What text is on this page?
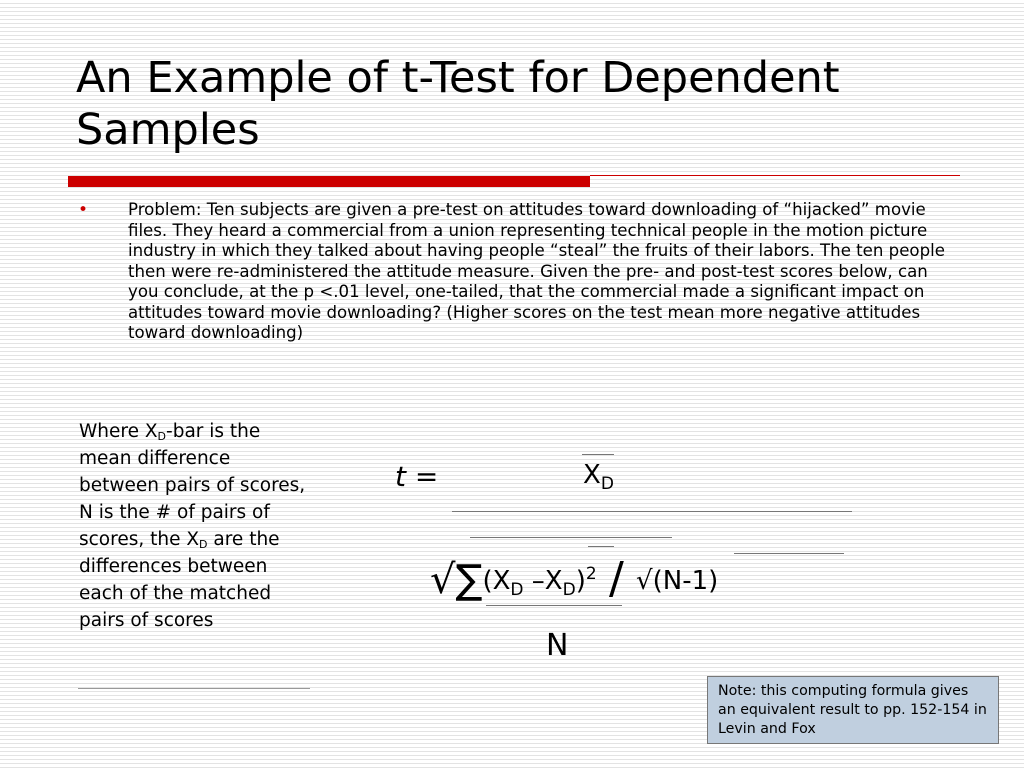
An Example of t-Test for Dependent Samples
• Problem: Ten subjects are given a pre-test on attitudes toward downloading of “hijacked” movie files. They heard a commercial from a union representing technical people in the motion picture industry in which they talked about having people “steal” the fruits of their labors. The ten people then were re-administered the attitude measure. Given the pre- and post-test scores below, can you conclude, at the p <.01 level, one-tailed, that the commercial made a significant impact on attitudes toward movie downloading? (Higher scores on the test mean more negative attitudes toward downloading)
Where $X_D$-bar is the mean difference between pairs of scores, N is the # of pairs of scores, the $X_D$ are the differences between each of the matched pairs of scores
t =	$X_D$
$√\sum(X_D$ $-X_D)^2 / √(N-1)$
N
Note: this computing formula gives an equivalent result to pp. 152-154 in Levin and Fox
